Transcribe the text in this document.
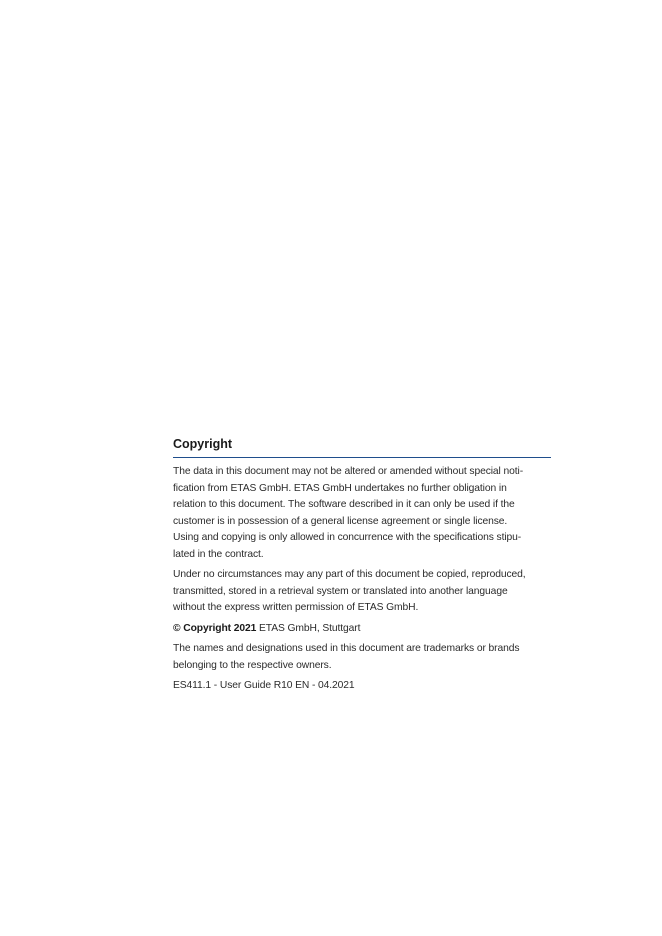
Copyright

The data in this document may not be altered or amended without special noti-
fication from ETAS GmbH. ETAS GmbH undertakes no further obligation in
relation to this document. The software described in it can only be used if the
customer is in possession of a general license agreement or single license.
Using and copying is only allowed in concurrence with the specifications stipu-
lated in the contract.

Under no circumstances may any part of this document be copied, reproduced,
transmitted, stored in a retrieval system or translated into another language
without the express written permission of ETAS GmbH.

© Copyright 2021 ETAS GmbH, Stuttgart

The names and designations used in this document are trademarks or brands
belonging to the respective owners.

ES411.1 - User Guide R10 EN - 04.2021
